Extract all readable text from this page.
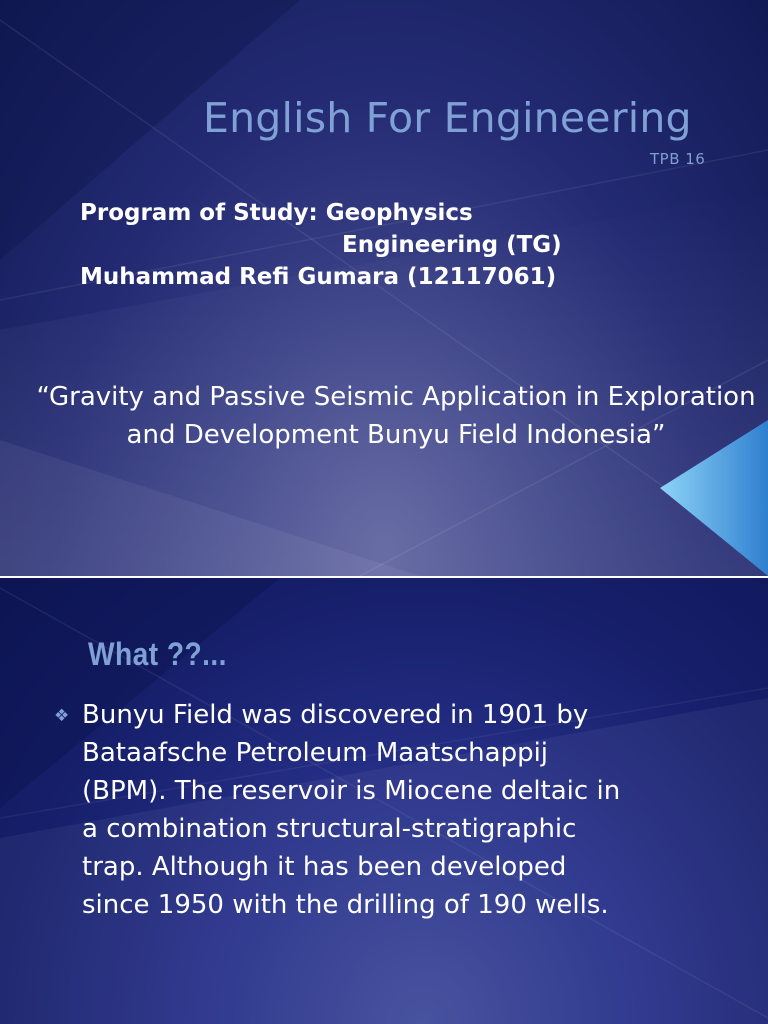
English For Engineering
TPB 16
Program of Study: Geophysics
Engineering (TG)
Muhammad Refi Gumara (12117061)
“Gravity and Passive Seismic Application in Exploration and Development Bunyu Field Indonesia”
What ??...
❖ Bunyu Field was discovered in 1901 by
Bataafsche Petroleum Maatschappij
(BPM). The reservoir is Miocene deltaic in
a combination structural-stratigraphic
trap. Although it has been developed
since 1950 with the drilling of 190 wells.
